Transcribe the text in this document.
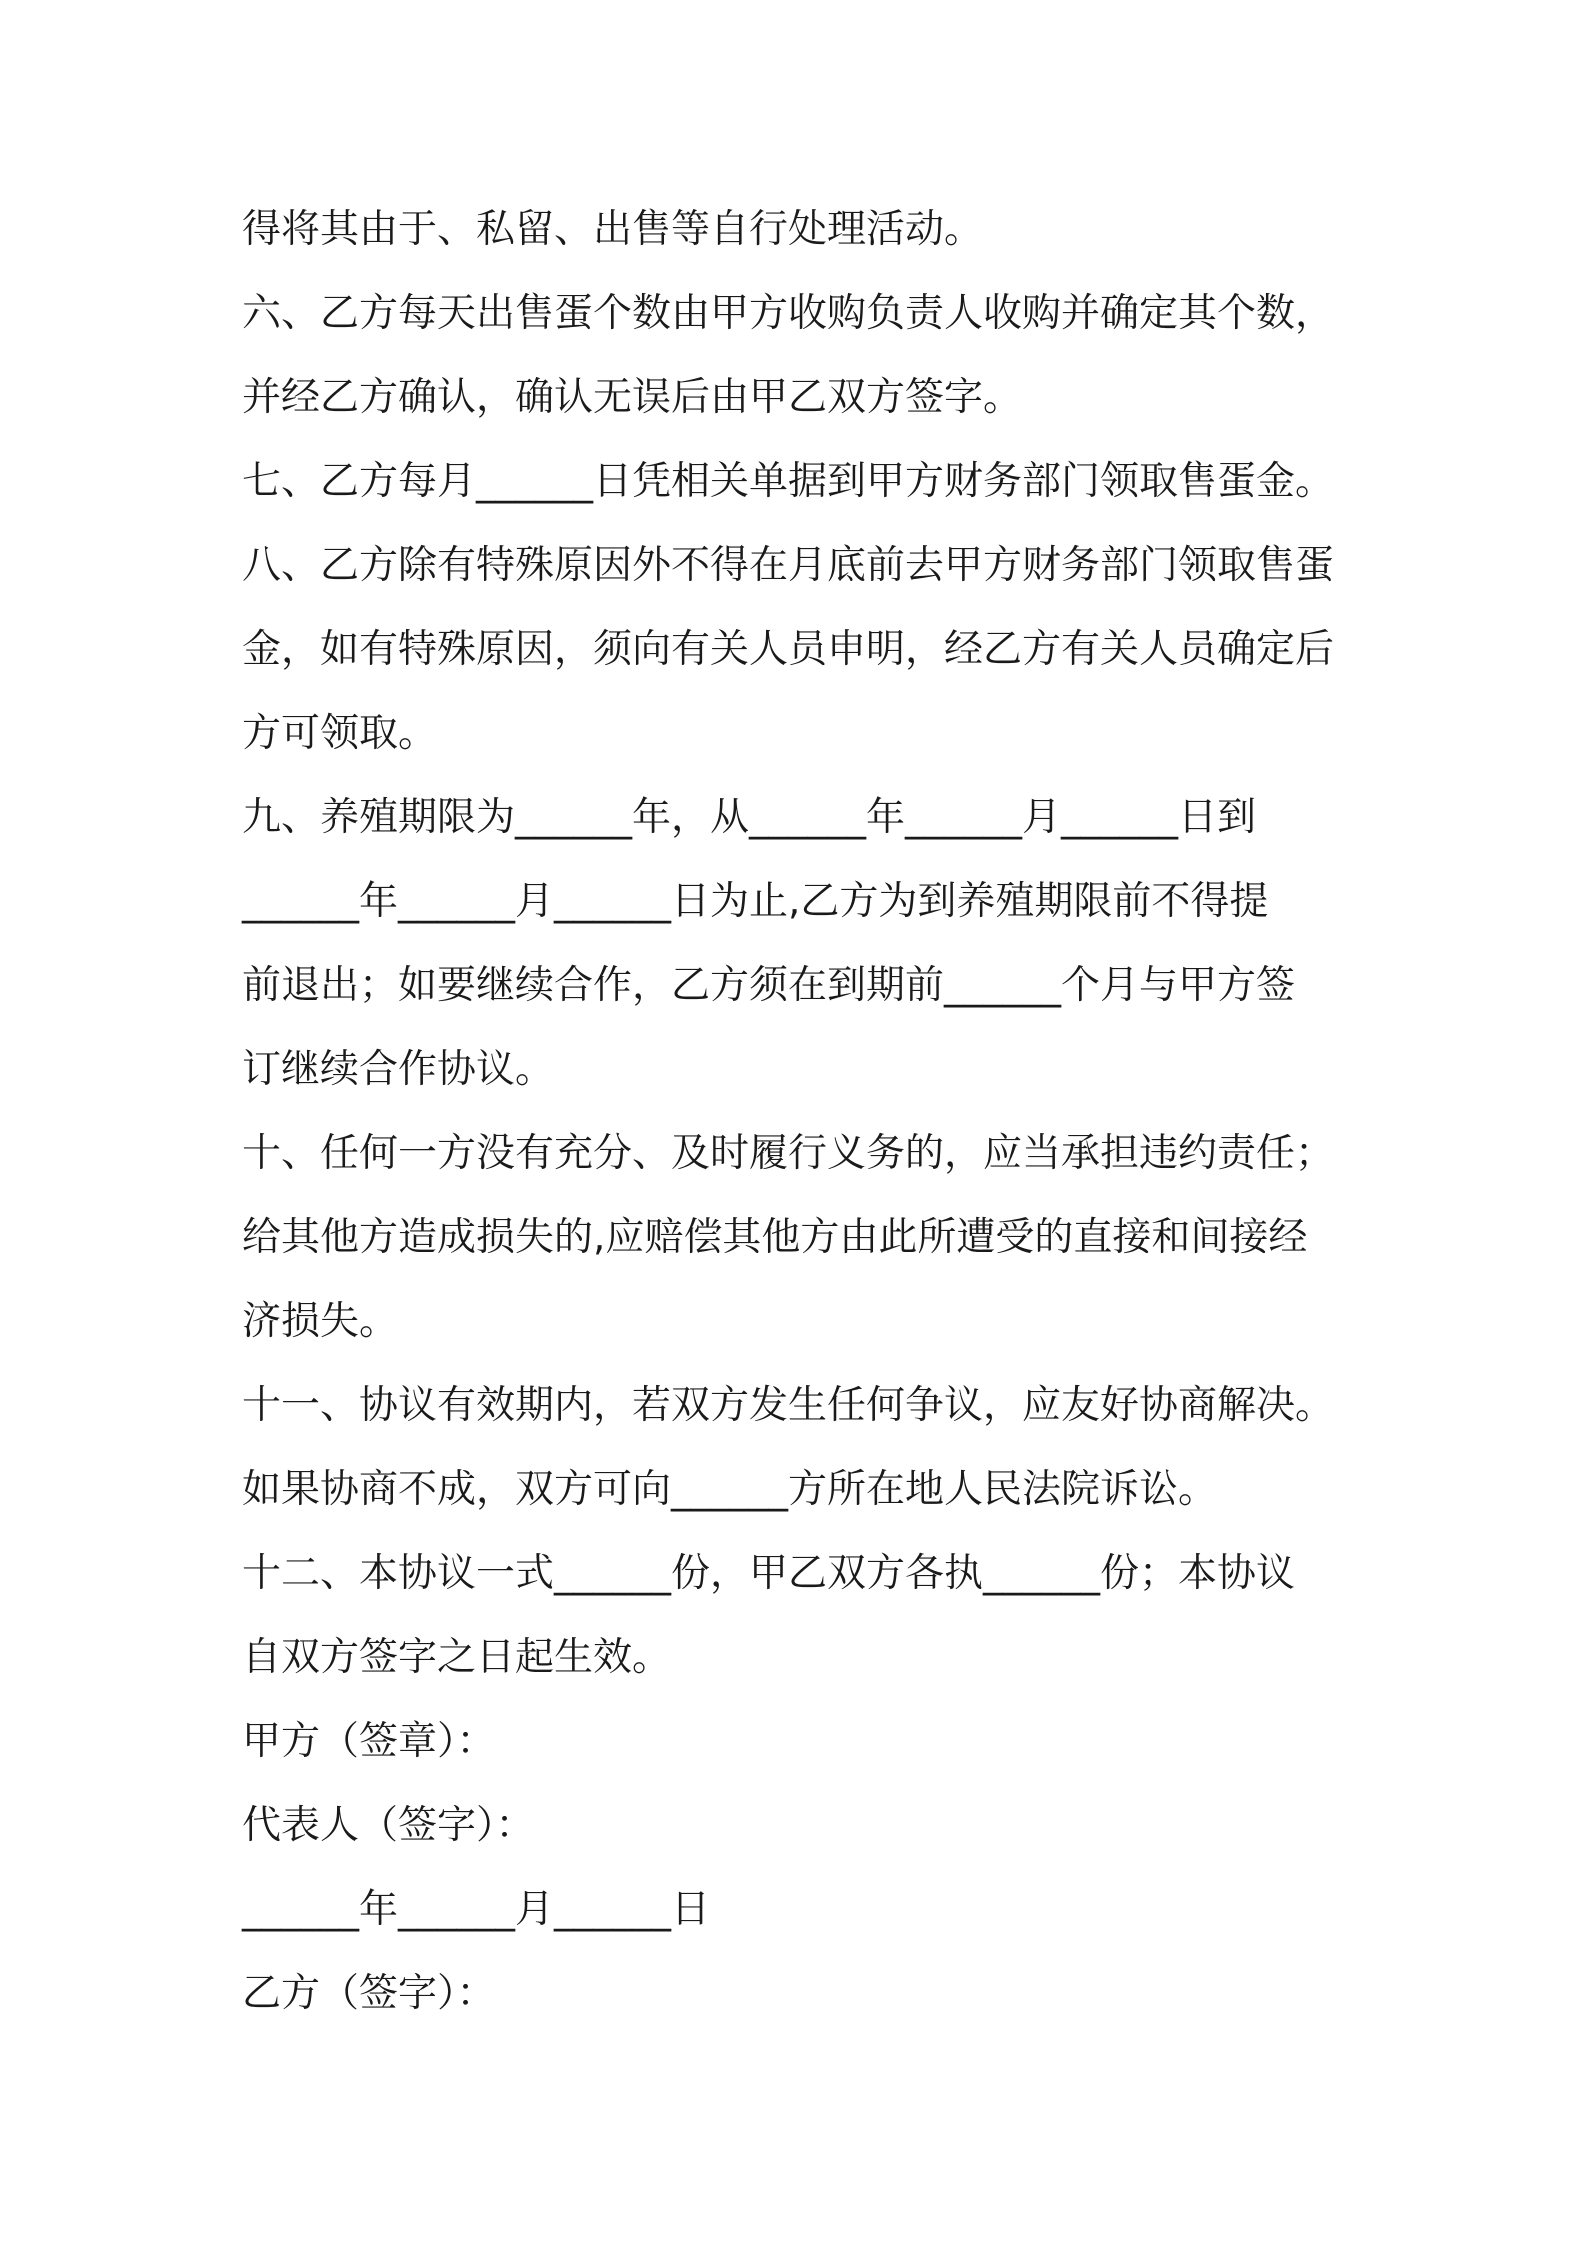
得将其由于、私留、出售等自行处理活动。
六、乙方每天出售蛋个数由甲方收购负责人收购并确定其个数，
并经乙方确认，确认无误后由甲乙双方签字。
七、乙方每月______日凭相关单据到甲方财务部门领取售蛋金。
八、乙方除有特殊原因外不得在月底前去甲方财务部门领取售蛋
金，如有特殊原因，须向有关人员申明，经乙方有关人员确定后
方可领取。
九、养殖期限为______年，从______年______月______日到
______年______月______日为止,乙方为到养殖期限前不得提
前退出；如要继续合作，乙方须在到期前______个月与甲方签
订继续合作协议。
十、任何一方没有充分、及时履行义务的，应当承担违约责任；
给其他方造成损失的,应赔偿其他方由此所遭受的直接和间接经
济损失。
十一、协议有效期内，若双方发生任何争议，应友好协商解决。
如果协商不成，双方可向______方所在地人民法院诉讼。
十二、本协议一式______份，甲乙双方各执______份；本协议
自双方签字之日起生效。
甲方（签章）：
代表人（签字）：
______年______月______日
乙方（签字）：
